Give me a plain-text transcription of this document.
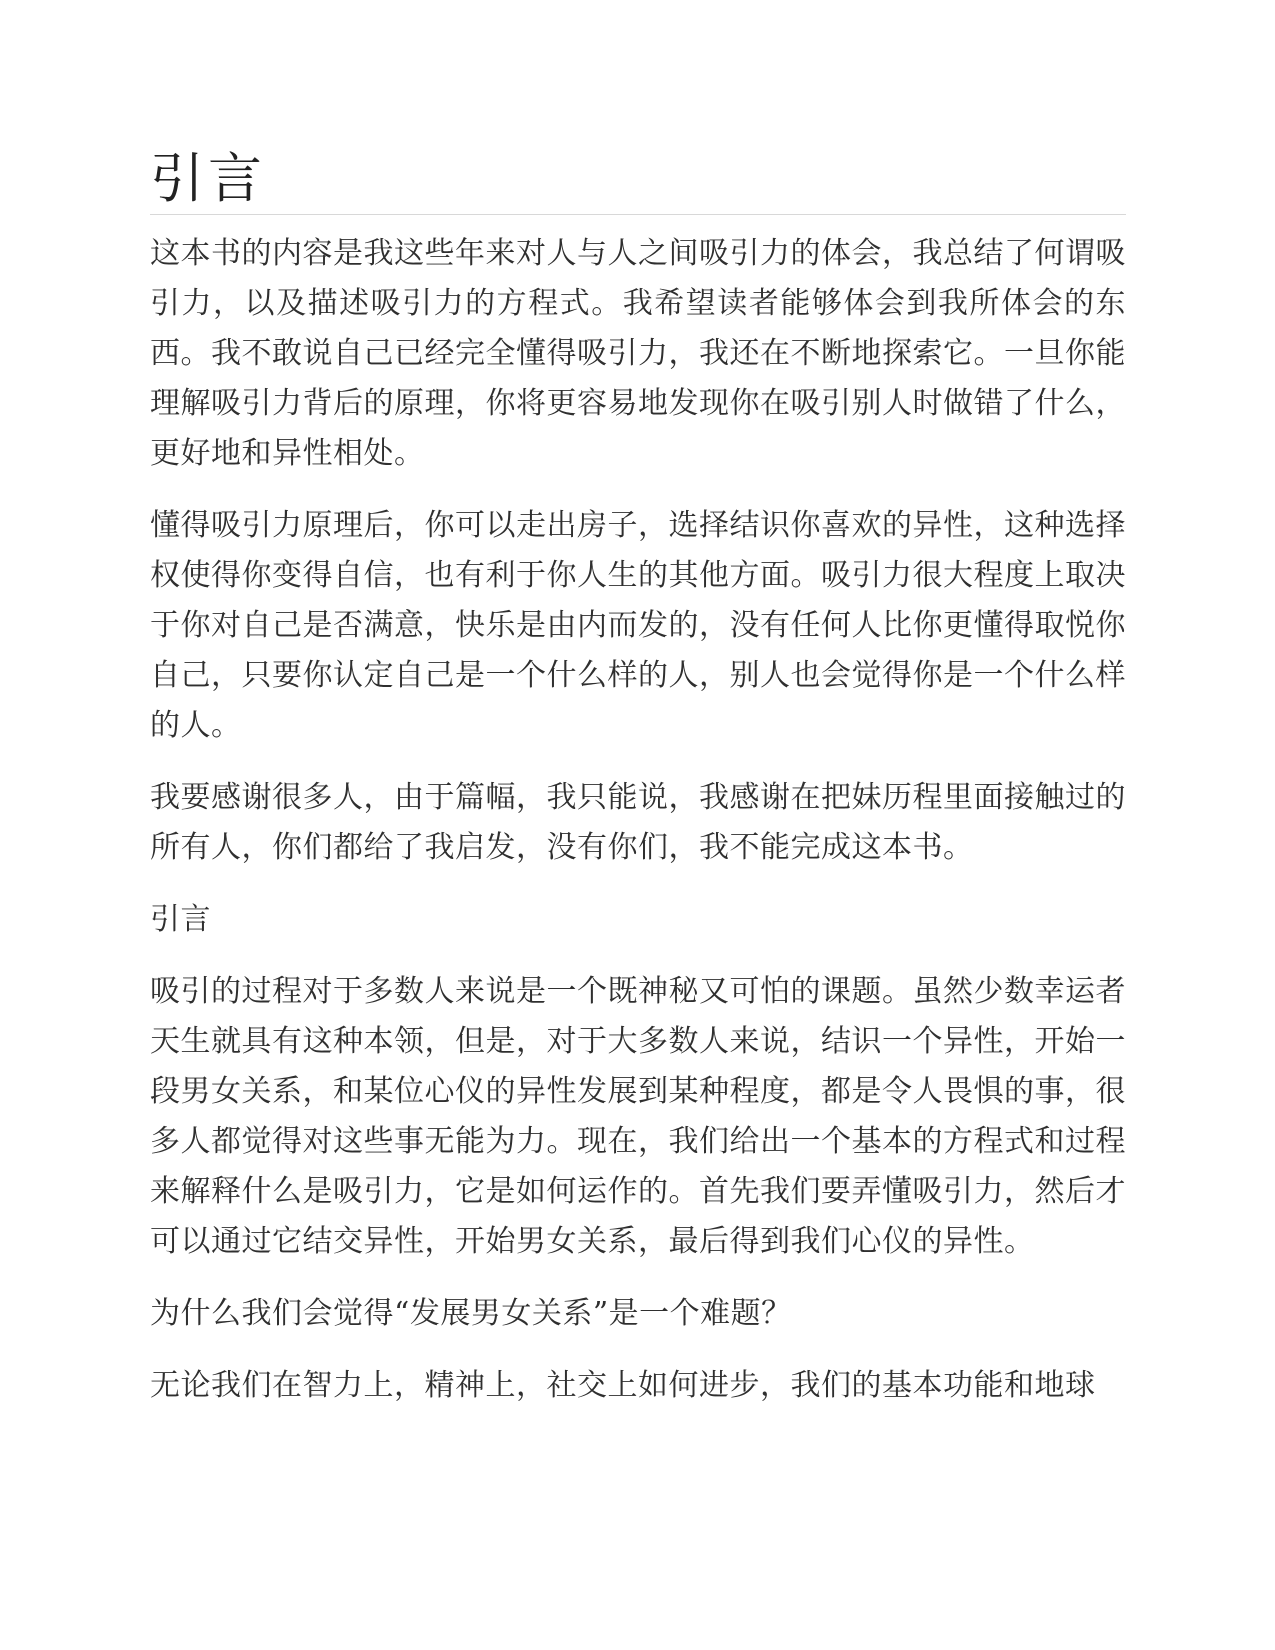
引言

这本书的内容是我这些年来对人与人之间吸引力的体会，我总结了何谓吸引力，以及描述吸引力的方程式。我希望读者能够体会到我所体会的东西。我不敢说自己已经完全懂得吸引力，我还在不断地探索它。一旦你能理解吸引力背后的原理，你将更容易地发现你在吸引别人时做错了什么，更好地和异性相处。

懂得吸引力原理后，你可以走出房子，选择结识你喜欢的异性，这种选择权使得你变得自信，也有利于你人生的其他方面。吸引力很大程度上取决于你对自己是否满意，快乐是由内而发的，没有任何人比你更懂得取悦你自己，只要你认定自己是一个什么样的人，别人也会觉得你是一个什么样的人。

我要感谢很多人，由于篇幅，我只能说，我感谢在把妹历程里面接触过的所有人，你们都给了我启发，没有你们，我不能完成这本书。

引言

吸引的过程对于多数人来说是一个既神秘又可怕的课题。虽然少数幸运者天生就具有这种本领，但是，对于大多数人来说，结识一个异性，开始一段男女关系，和某位心仪的异性发展到某种程度，都是令人畏惧的事，很多人都觉得对这些事无能为力。现在，我们给出一个基本的方程式和过程来解释什么是吸引力，它是如何运作的。首先我们要弄懂吸引力，然后才可以通过它结交异性，开始男女关系，最后得到我们心仪的异性。

为什么我们会觉得“发展男女关系”是一个难题？

无论我们在智力上，精神上，社交上如何进步，我们的基本功能和地球
